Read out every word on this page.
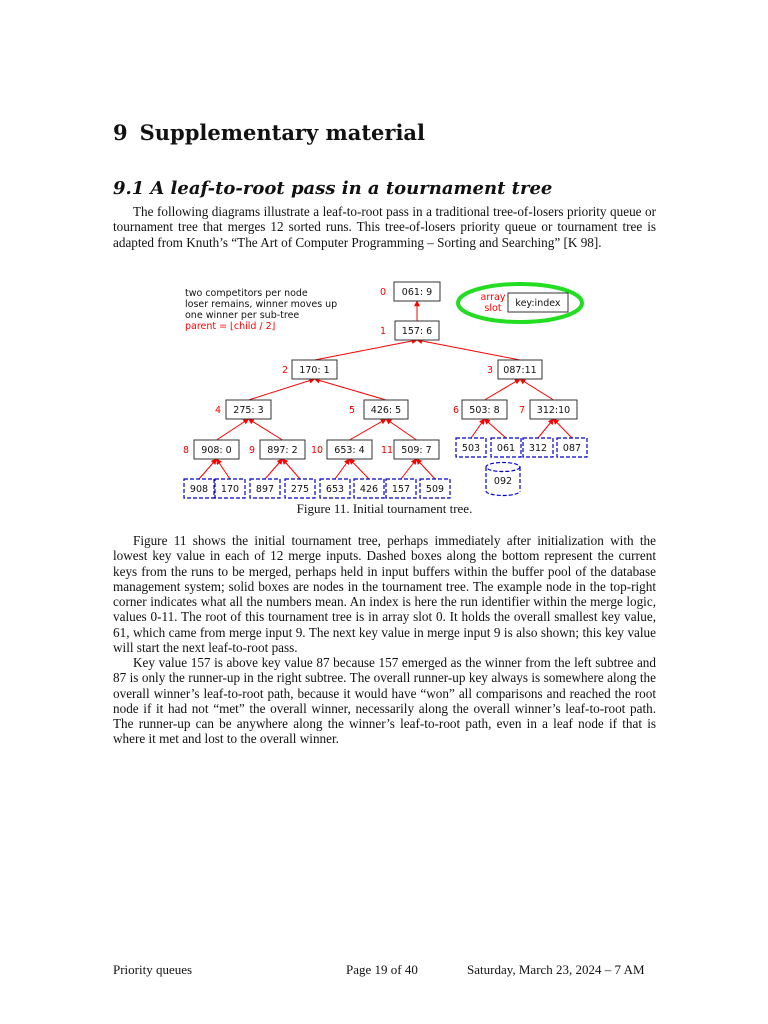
9 Supplementary material
9.1 A leaf-to-root pass in a tournament tree

The following diagrams illustrate a leaf-to-root pass in a traditional tree-of-losers priority queue or tournament tree that merges 12 sorted runs. This tree-of-losers priority queue or tournament tree is adapted from Knuth’s “The Art of Computer Programming – Sorting and Searching” [K 98].

061: 9
0
157: 6
1
170: 1
2	087:11
3
275: 3
4	426: 5
5	503: 8
6	312:10
7
908: 0
8	897: 2
9	653: 4
10	509: 7
11
908 170 897 275 653 426 157 509
503 061 312 087
two competitors per node
loser remains, winner moves up
one winner per sub-tree
parent = ⌊child / 2⌋
array
slot key:index
092

Figure 11. Initial tournament tree.

Figure 11 shows the initial tournament tree, perhaps immediately after initialization with the lowest key value in each of 12 merge inputs. Dashed boxes along the bottom represent the current keys from the runs to be merged, perhaps held in input buffers within the buffer pool of the database management system; solid boxes are nodes in the tournament tree. The example node in the top-right corner indicates what all the numbers mean. An index is here the run identifier within the merge logic, values 0-11. The root of this tournament tree is in array slot 0. It holds the overall smallest key value, 61, which came from merge input 9. The next key value in merge input 9 is also shown; this key value will start the next leaf-to-root pass.

Key value 157 is above key value 87 because 157 emerged as the winner from the left subtree and 87 is only the runner-up in the right subtree. The overall runner-up key always is somewhere along the overall winner’s leaf-to-root path, because it would have “won” all comparisons and reached the root node if it had not “met” the overall winner, necessarily along the overall winner’s leaf-to-root path. The runner-up can be anywhere along the winner’s leaf-to-root path, even in a leaf node if that is where it met and lost to the overall winner.

Priority queues	Page 19 of 40	Saturday, March 23, 2024 – 7 AM
